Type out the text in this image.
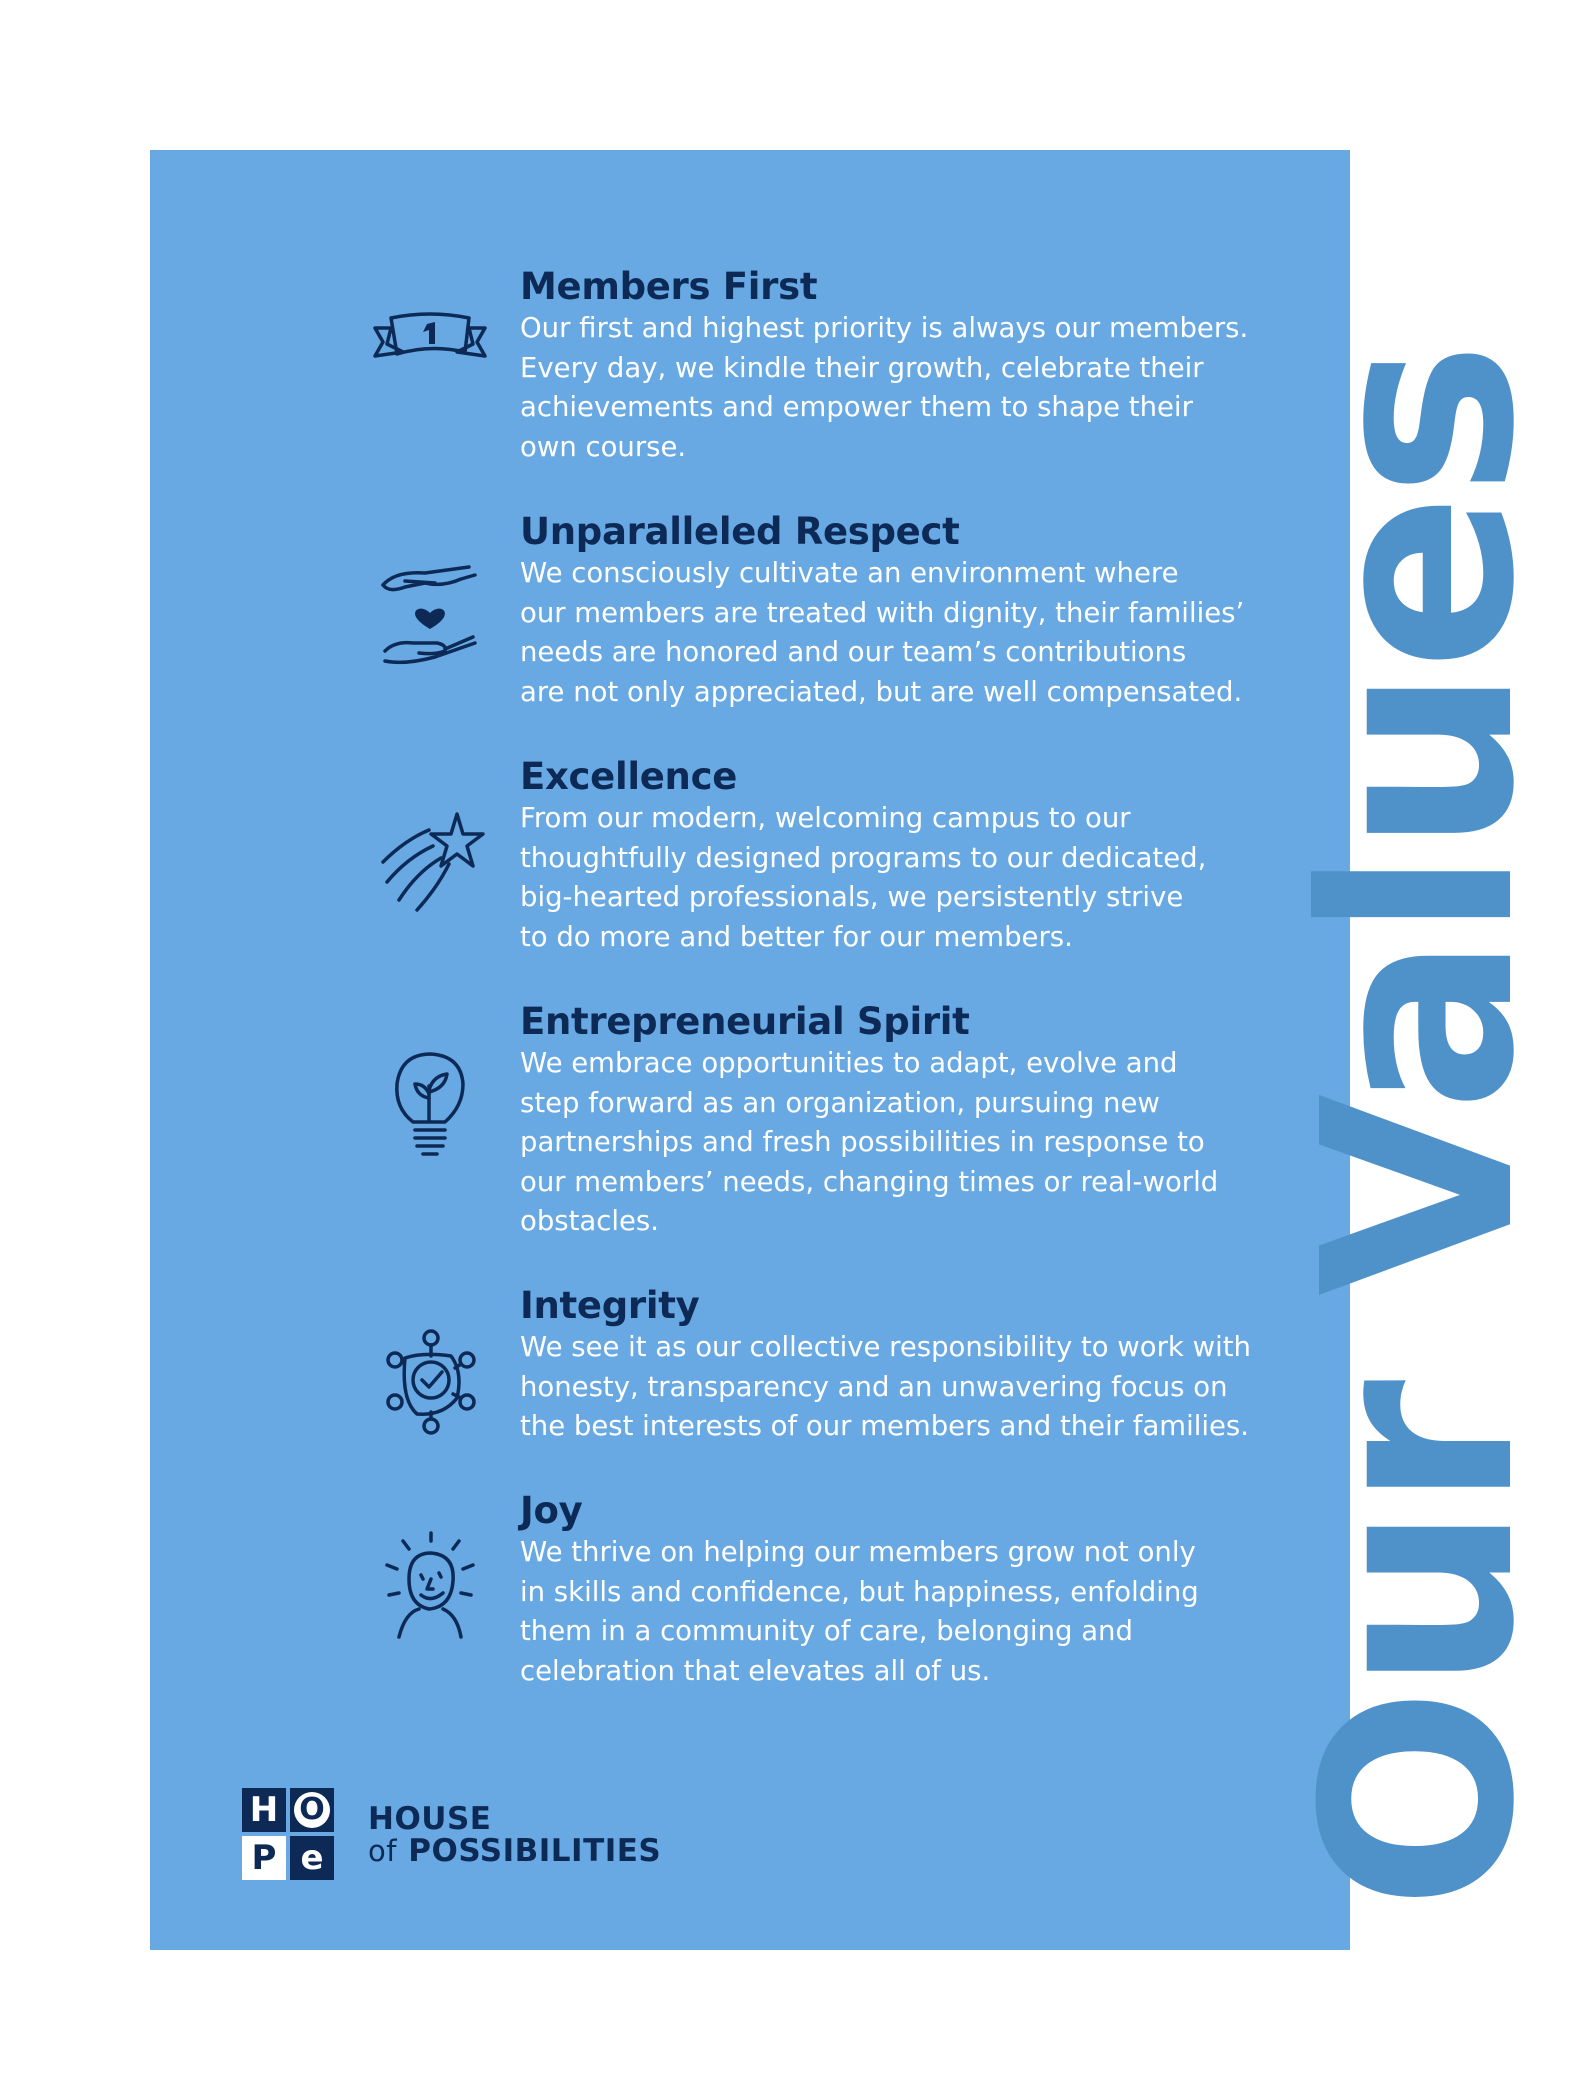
Our Values
Members First

Our first and highest priority is always our members.
Every day, we kindle their growth, celebrate their
achievements and empower them to shape their
own course.

Unparalleled Respect

We consciously cultivate an environment where
our members are treated with dignity, their families’
needs are honored and our team’s contributions
are not only appreciated, but are well compensated.

Excellence

From our modern, welcoming campus to our
thoughtfully designed programs to our dedicated,
big-hearted professionals, we persistently strive
to do more and better for our members.

Entrepreneurial Spirit

We embrace opportunities to adapt, evolve and
step forward as an organization, pursuing new
partnerships and fresh possibilities in response to
our members’ needs, changing times or real-world
obstacles.

Integrity

We see it as our collective responsibility to work with
honesty, transparency and an unwavering focus on
the best interests of our members and their families.

Joy

We thrive on helping our members grow not only
in skills and confidence, but happiness, enfolding
them in a community of care, belonging and
celebration that elevates all of us.

H O
P e
HOUSE
of POSSIBILITIES
